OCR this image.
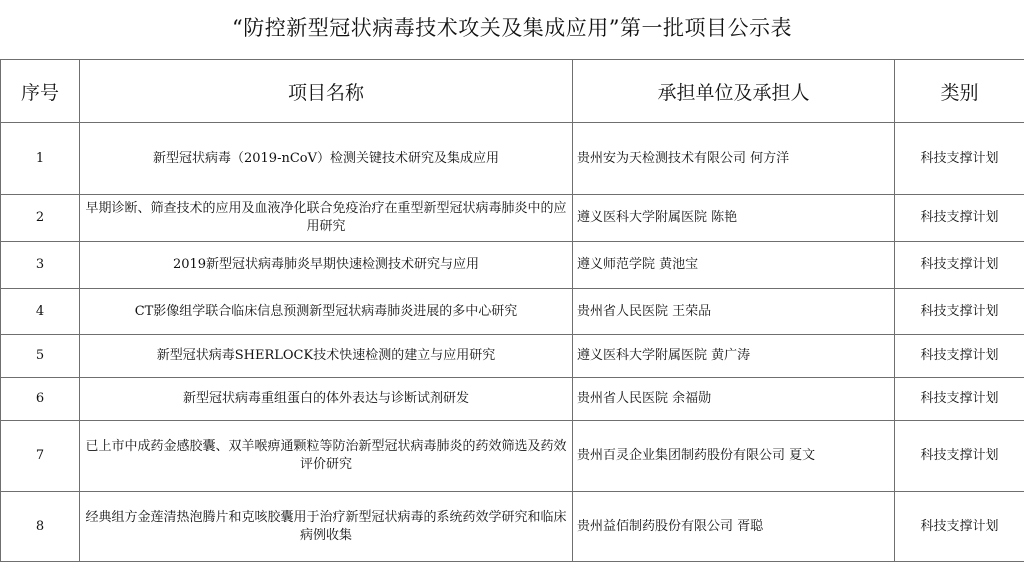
“防控新型冠状病毒技术攻关及集成应用”第一批项目公示表
序号	项目名称	承担单位及承担人	类别
1	新型冠状病毒（2019-nCoV）检测关键技术研究及集成应用	贵州安为天检测技术有限公司 何方洋	科技支撑计划
2	早期诊断、筛查技术的应用及血液净化联合免疫治疗在重型新型冠状病毒肺炎中的应用研究	遵义医科大学附属医院 陈艳	科技支撑计划
3	2019新型冠状病毒肺炎早期快速检测技术研究与应用	遵义师范学院 黄池宝	科技支撑计划
4	CT影像组学联合临床信息预测新型冠状病毒肺炎进展的多中心研究	贵州省人民医院 王荣品	科技支撑计划
5	新型冠状病毒SHERLOCK技术快速检测的建立与应用研究	遵义医科大学附属医院 黄广涛	科技支撑计划
6	新型冠状病毒重组蛋白的体外表达与诊断试剂研发	贵州省人民医院 余福勋	科技支撑计划
7	已上市中成药金感胶囊、双羊喉痹通颗粒等防治新型冠状病毒肺炎的药效筛选及药效评价研究	贵州百灵企业集团制药股份有限公司 夏文	科技支撑计划
8	经典组方金莲清热泡腾片和克咳胶囊用于治疗新型冠状病毒的系统药效学研究和临床病例收集	贵州益佰制药股份有限公司 胥聪	科技支撑计划
